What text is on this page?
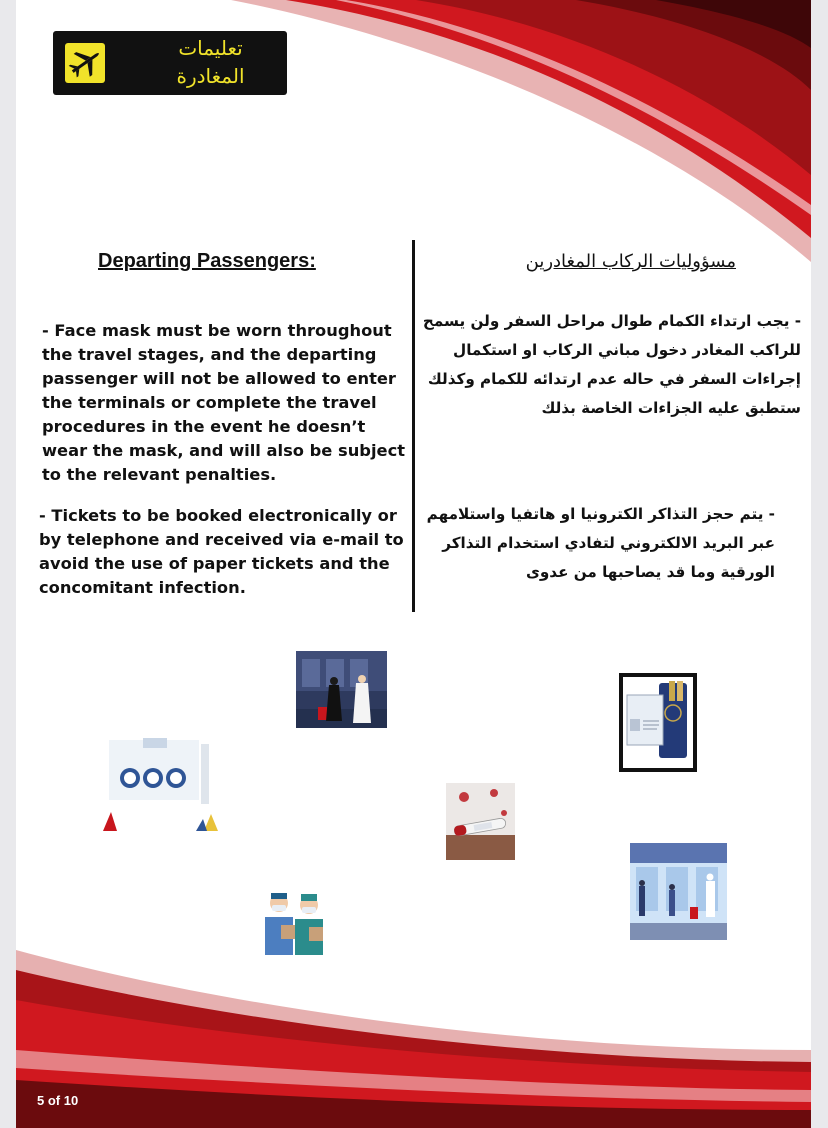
تعليمات
المغادرة
Departing Passengers:	مسؤوليات الركاب المغادرين
- Face mask must be worn throughout the travel stages, and the departing passenger will not be allowed to enter the terminals or complete the travel procedures in the event he doesn’t wear the mask, and will also be subject to the relevant penalties.
- Tickets to be booked electronically or by telephone and received via e-mail to avoid the use of paper tickets and the concomitant infection.
- يجب ارتداء الكمام طوال مراحل السفر ولن يسمح للراكب المغادر دخول مباني الركاب او استكمال إجراءات السفر في حاله عدم ارتدائه للكمام وكذلك ستطبق عليه الجزاءات الخاصة بذلك
- يتم حجز التذاكر الكترونيا او هاتفيا واستلامهم عبر البريد الالكتروني لتفادي استخدام التذاكر الورقية وما قد يصاحبها من عدوى
5 of 10
